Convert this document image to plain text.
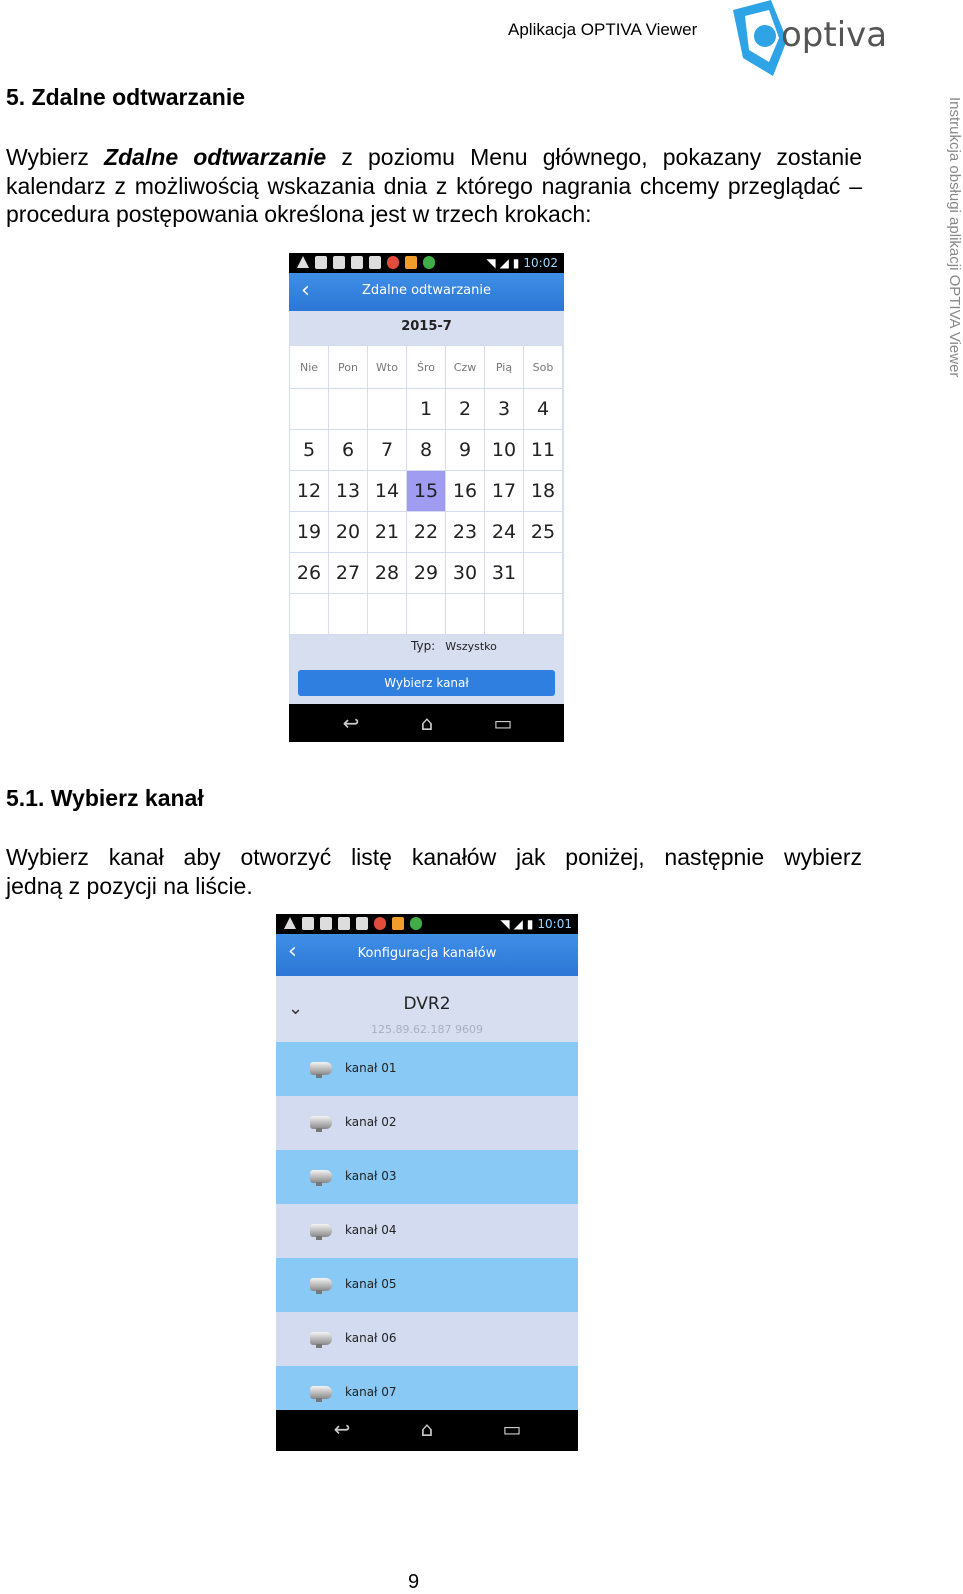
Aplikacja OPTIVA Viewer optiva
Instrukcja obsługi aplikacji OPTIVA Viewer
5. Zdalne odtwarzanie
Wybierz Zdalne odtwarzanie z poziomu Menu głównego, pokazany zostanie kalendarz z możliwością wskazania dnia z którego nagrania chcemy przeglądać – procedura postępowania określona jest w trzech krokach:
◥ ◢ ▮ 10:02
‹	Zdalne odtwarzanie
2015-7
Nie	Pon	Wto	Śro	Czw	Pią	Sob
			1	2	3	4
5	6	7	8	9	10	11
12	13	14	15	16	17	18
19	20	21	22	23	24	25
26	27	28	29	30	31	

Typ: Wszystko
Wybierz kanał
↩	⌂	▭
5.1. Wybierz kanał
Wybierz kanał aby otworzyć listę kanałów jak poniżej, następnie wybierz
jedną z pozycji na liście.
◥ ◢ ▮ 10:01
‹	Konfiguracja kanałów
⌄	DVR2
125.89.62.187 9609
kanał 01
kanał 02
kanał 03
kanał 04
kanał 05
kanał 06
kanał 07
↩	⌂	▭
9
